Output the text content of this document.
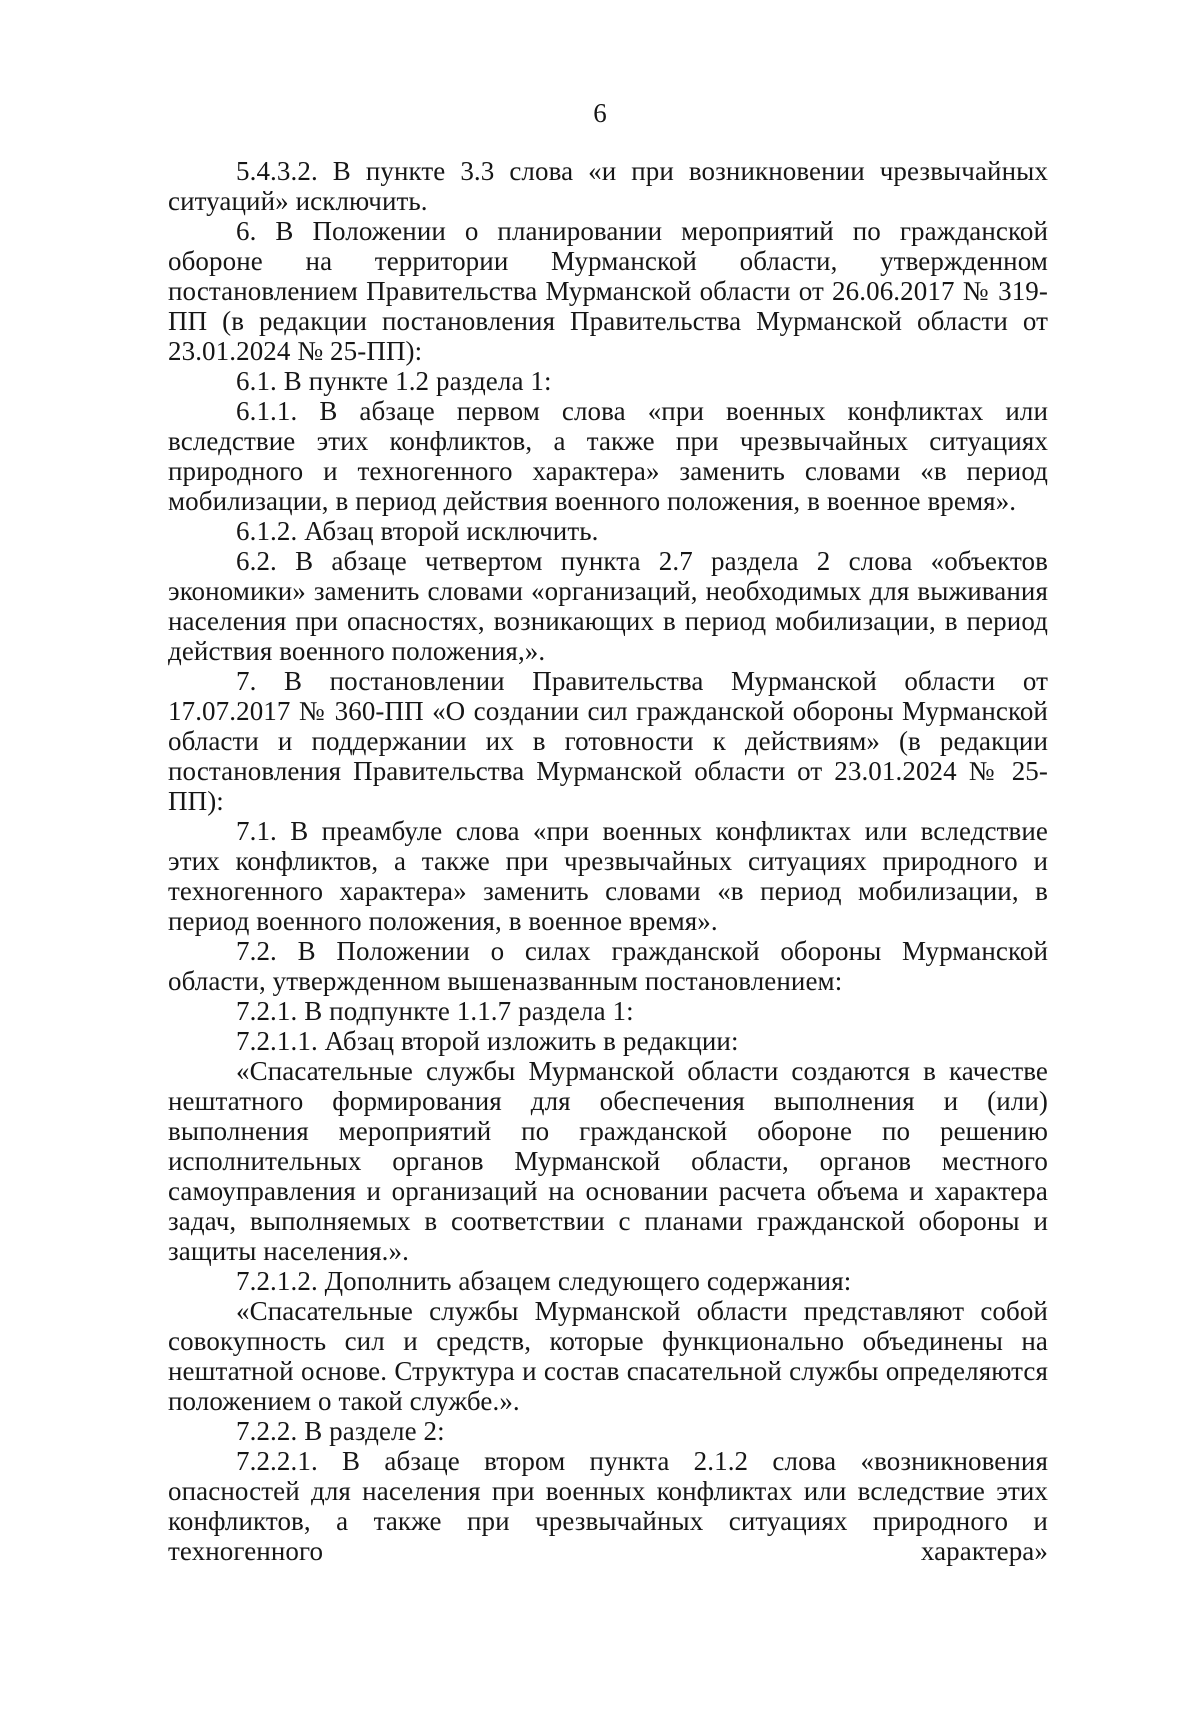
6

5.4.3.2. В пункте 3.3 слова «и при возникновении чрезвычайных ситуаций» исключить.

6. В Положении о планировании мероприятий по гражданской обороне на территории Мурманской области, утвержденном постановлением Правительства Мурманской области от 26.06.2017 № 319-ПП (в редакции постановления Правительства Мурманской области от 23.01.2024 № 25-ПП):

6.1. В пункте 1.2 раздела 1:

6.1.1. В абзаце первом слова «при военных конфликтах или вследствие этих конфликтов, а также при чрезвычайных ситуациях природного и техногенного характера» заменить словами «в период мобилизации, в период действия военного положения, в военное время».

6.1.2. Абзац второй исключить.

6.2. В абзаце четвертом пункта 2.7 раздела 2 слова «объектов экономики» заменить словами «организаций, необходимых для выживания населения при опасностях, возникающих в период мобилизации, в период действия военного положения,».

7. В постановлении Правительства Мурманской области от 17.07.2017 № 360-ПП «О создании сил гражданской обороны Мурманской области и поддержании их в готовности к действиям» (в редакции постановления Правительства Мурманской области от 23.01.2024 № 25-ПП):

7.1. В преамбуле слова «при военных конфликтах или вследствие этих конфликтов, а также при чрезвычайных ситуациях природного и техногенного характера» заменить словами «в период мобилизации, в период военного положения, в военное время».

7.2. В Положении о силах гражданской обороны Мурманской области, утвержденном вышеназванным постановлением:

7.2.1. В подпункте 1.1.7 раздела 1:

7.2.1.1. Абзац второй изложить в редакции:

«Спасательные службы Мурманской области создаются в качестве нештатного формирования для обеспечения выполнения и (или) выполнения мероприятий по гражданской обороне по решению исполнительных органов Мурманской области, органов местного самоуправления и организаций на основании расчета объема и характера задач, выполняемых в соответствии с планами гражданской обороны и защиты населения.».

7.2.1.2. Дополнить абзацем следующего содержания:

«Спасательные службы Мурманской области представляют собой совокупность сил и средств, которые функционально объединены на нештатной основе. Структура и состав спасательной службы определяются положением о такой службе.».

7.2.2. В разделе 2:

7.2.2.1. В абзаце втором пункта 2.1.2 слова «возникновения опасностей для населения при военных конфликтах или вследствие этих конфликтов, а также при чрезвычайных ситуациях природного и техногенного характера»
